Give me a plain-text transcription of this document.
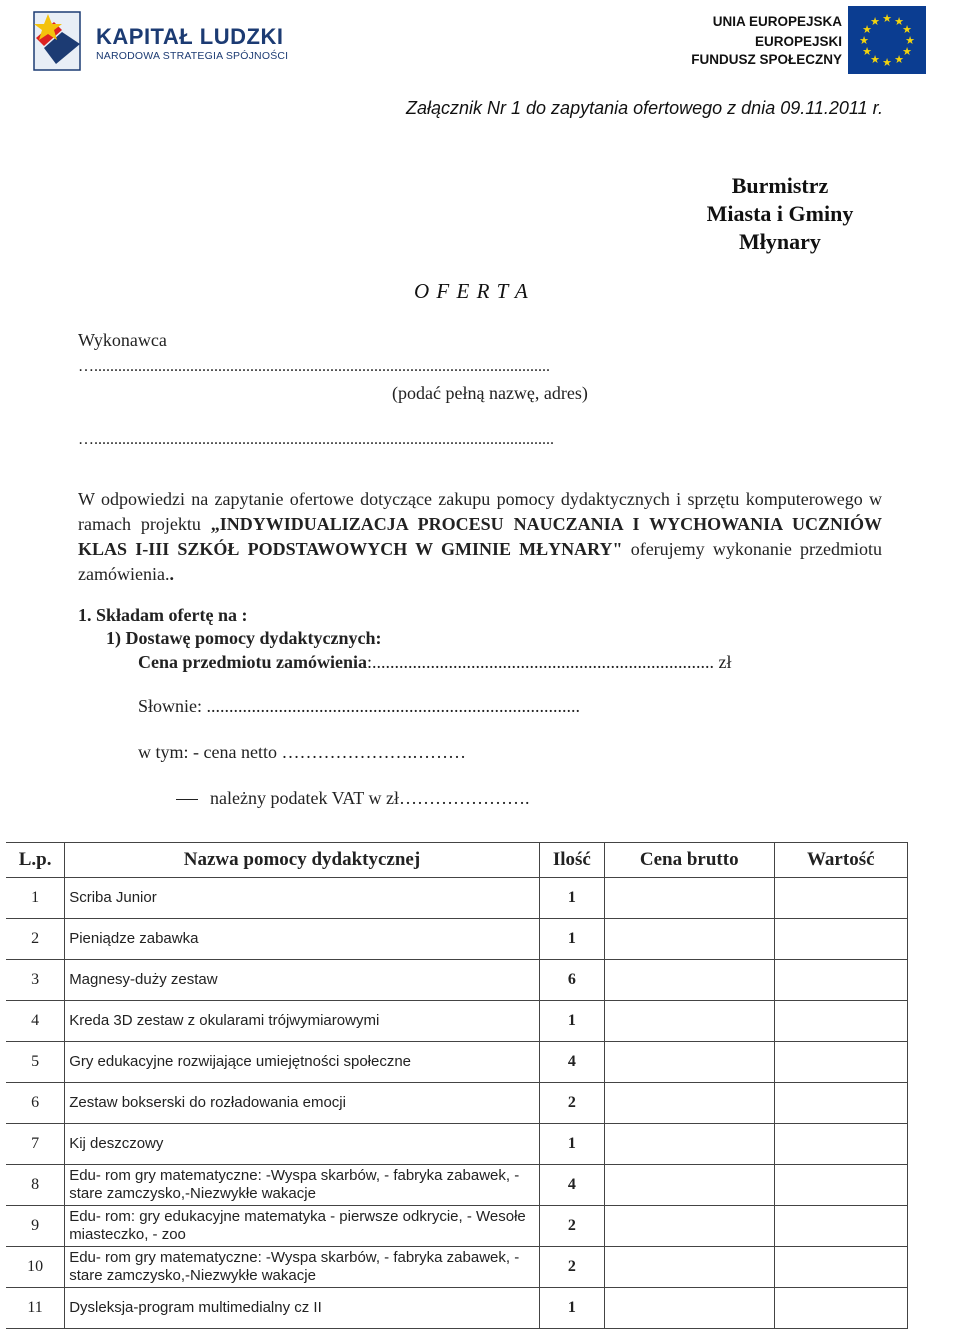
KAPITAŁ LUDZKI
NARODOWA STRATEGIA SPÓJNOŚCI
UNIA EUROPEJSKA
EUROPEJSKI
FUNDUSZ SPOŁECZNY
★ ★
★
★
★
★
★
★
★
★
★
★
Załącznik Nr 1 do zapytania ofertowego z dnia 09.11.2011 r.
Burmistrz
Miasta i Gminy
Młynary
O F E R T A
Wykonawca
…..................................................................................................................
(podać pełną nazwę, adres)
…...................................................................................................................
W odpowiedzi na zapytanie ofertowe dotyczące zakupu pomocy dydaktycznych i sprzętu komputerowego w ramach projektu „INDYWIDUALIZACJA PROCESU NAUCZANIA I WYCHOWANIA UCZNIÓW KLAS I-III SZKÓŁ PODSTAWOWYCH W GMINIE MŁYNARY" oferujemy wykonanie przedmiotu zamówienia..
1. Składam ofertę na :
1) Dostawę pomocy dydaktycznych:
Cena przedmiotu zamówienia:............................................................................ zł
Słownie: ...................................................................................
w tym: - cena netto ………………….………
należny podatek VAT w zł………………….
L.p.	Nazwa pomocy dydaktycznej	Ilość	Cena brutto	Wartość
1	Scriba Junior	1		
2	Pieniądze zabawka	1		
3	Magnesy-duży zestaw	6		
4	Kreda 3D zestaw z okularami trójwymiarowymi	1		
5	Gry edukacyjne rozwijające umiejętności społeczne	4		
6	Zestaw bokserski do rozładowania emocji	2		
7	Kij deszczowy	1		
8	Edu- rom gry matematyczne: -Wyspa skarbów, - fabryka zabawek, - stare zamczysko,-Niezwykłe wakacje	4		
9	Edu- rom: gry edukacyjne matematyka - pierwsze odkrycie, - Wesołe miasteczko, - zoo	2		
10	Edu- rom gry matematyczne: -Wyspa skarbów, - fabryka zabawek, - stare zamczysko,-Niezwykłe wakacje	2		
11	Dysleksja-program multimedialny cz II	1		
